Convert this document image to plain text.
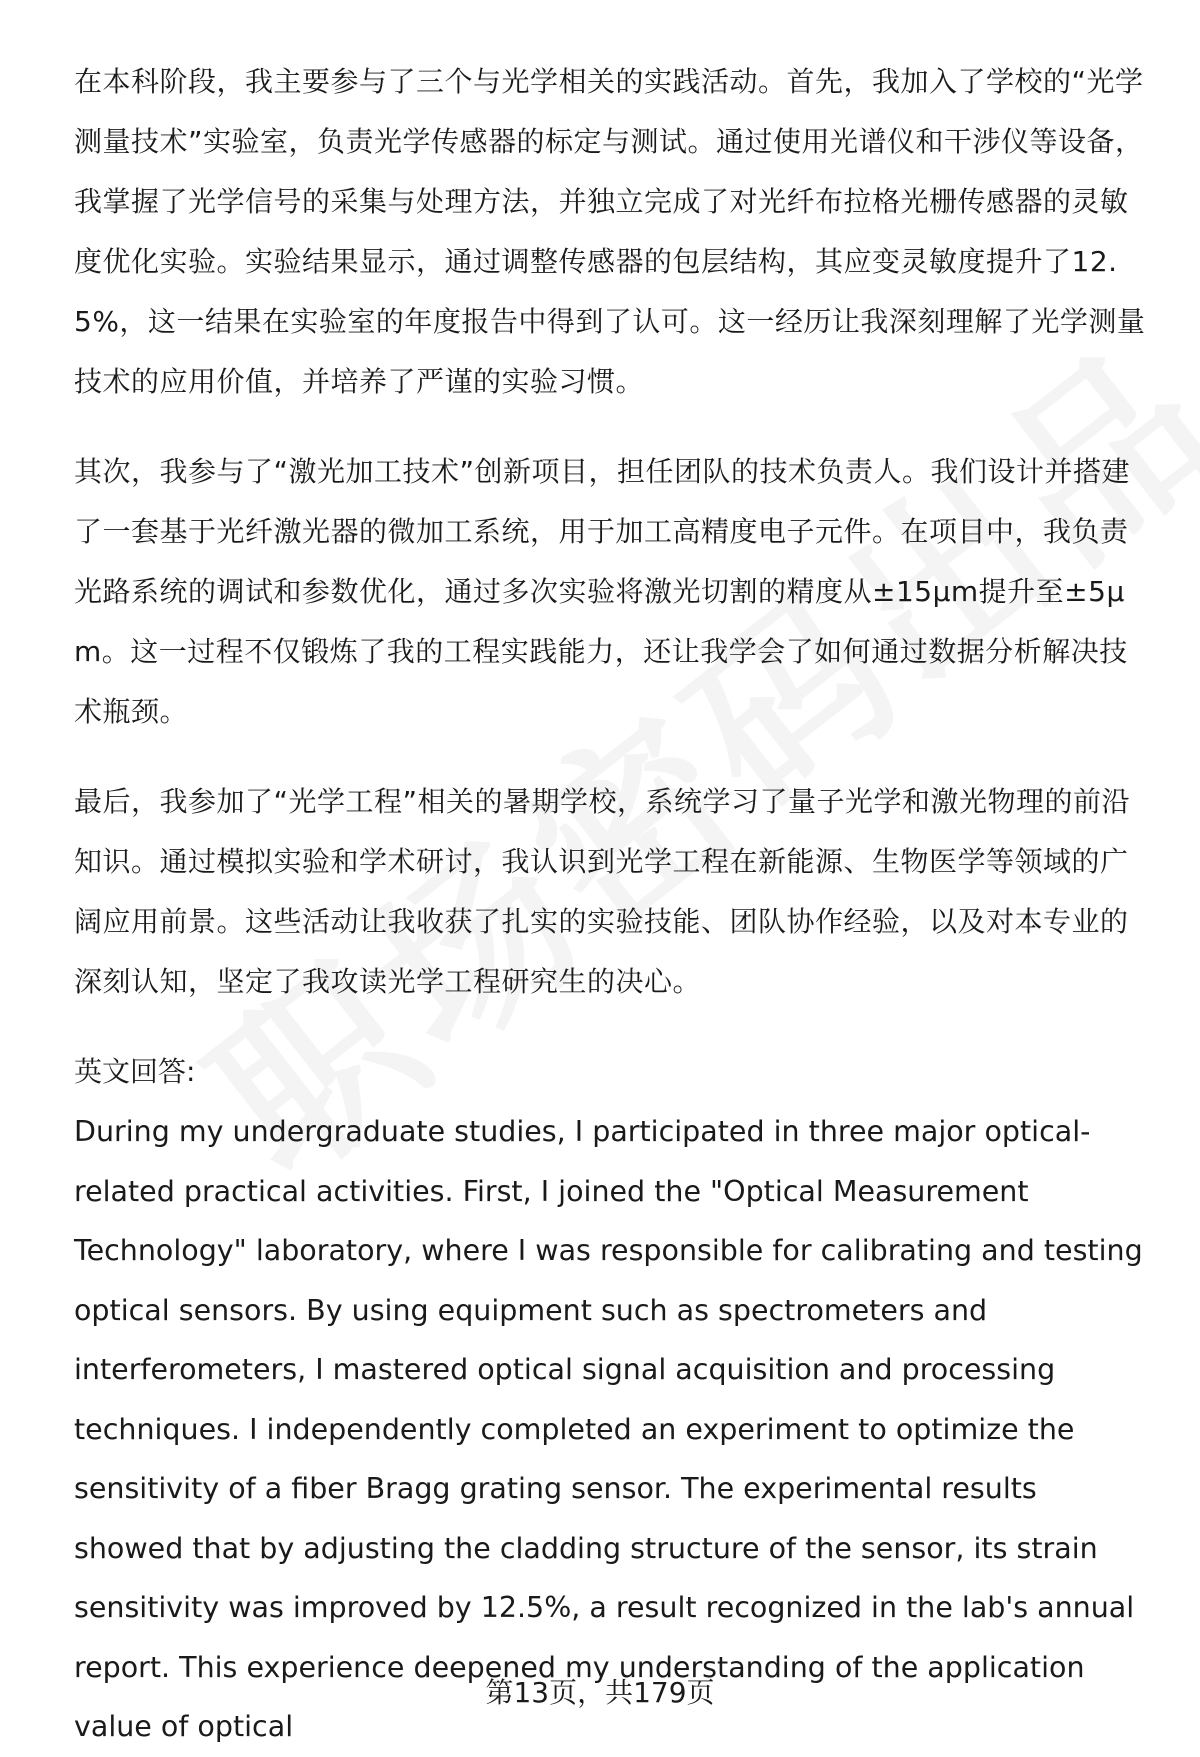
在本科阶段，我主要参与了三个与光学相关的实践活动。首先，我加入了学校的“光学测量技术”实验室，负责光学传感器的标定与测试。通过使用光谱仪和干涉仪等设备，我掌握了光学信号的采集与处理方法，并独立完成了对光纤布拉格光栅传感器的灵敏度优化实验。实验结果显示，通过调整传感器的包层结构，其应变灵敏度提升了12.5%，这一结果在实验室的年度报告中得到了认可。这一经历让我深刻理解了光学测量技术的应用价值，并培养了严谨的实验习惯。

其次，我参与了“激光加工技术”创新项目，担任团队的技术负责人。我们设计并搭建了一套基于光纤激光器的微加工系统，用于加工高精度电子元件。在项目中，我负责光路系统的调试和参数优化，通过多次实验将激光切割的精度从±15μm提升至±5μm。这一过程不仅锻炼了我的工程实践能力，还让我学会了如何通过数据分析解决技术瓶颈。

最后，我参加了“光学工程”相关的暑期学校，系统学习了量子光学和激光物理的前沿知识。通过模拟实验和学术研讨，我认识到光学工程在新能源、生物医学等领域的广阔应用前景。这些活动让我收获了扎实的实验技能、团队协作经验，以及对本专业的深刻认知，坚定了我攻读光学工程研究生的决心。

英文回答:

During my undergraduate studies, I participated in three major optical-related practical activities. First, I joined the "Optical Measurement Technology" laboratory, where I was responsible for calibrating and testing optical sensors. By using equipment such as spectrometers and interferometers, I mastered optical signal acquisition and processing techniques. I independently completed an experiment to optimize the sensitivity of a fiber Bragg grating sensor. The experimental results showed that by adjusting the cladding structure of the sensor, its strain sensitivity was improved by 12.5%, a result recognized in the lab's annual report. This experience deepened my understanding of the application value of optical

第13页，共179页
